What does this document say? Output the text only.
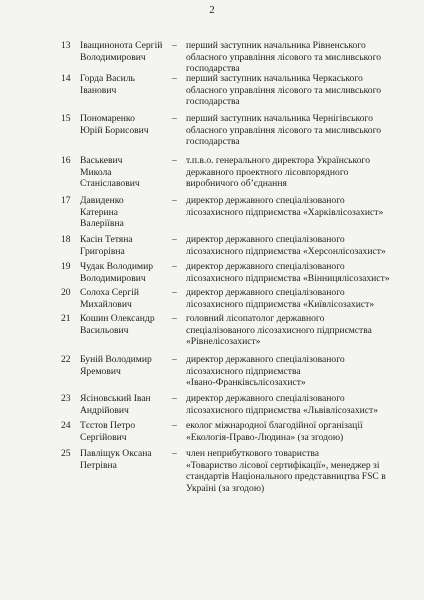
2
13 Іващинонота Сергій
Володимирович
– перший заступник начальника Рівненського
обласного управління лісового та мисливського
господарства
14 Горда Василь
Іванович
– перший заступник начальника Черкаського
обласного управління лісового та мисливського
господарства
15 Пономаренко
Юрій Борисович
– перший заступник начальника Чернігівського
обласного управління лісового та мисливського
господарства
16 Васькевич
Микола
Станіславович
– т.п.в.о. генерального директора Українського
державного проектного лісовпорядного
виробничого об’єднання
17 Давиденко
Катерина
Валеріївна
– директор державного спеціалізованого
лісозахисного підприємства «Харківлісозахист»
18 Касін Тетяна
Григорівна
– директор державного спеціалізованого
лісозахисного підприємства «Херсонлісозахист»
19 Чудак Володимир
Володимирович
– директор державного спеціалізованого
лісозахисного підприємства «Вінницялісозахист»
20 Солоха Сергій
Михайлович
– директор державного спеціалізованого
лісозахисного підприємства «Київлісозахист»
21 Кошин Олександр
Васильович
– головний лісопатолог державного
спеціалізованого лісозахисного підприємства
«Рівнелісозахист»
22 Буній Володимир
Яремович
– директор державного спеціалізованого
лісозахисного підприємства
«Івано-Франківсьлісозахист»
23 Ясіновський Іван
Андрійович
– директор державного спеціалізованого
лісозахисного підприємства «Львівлісозахист»
24 Тєстов Петро
Сергійович
– еколог міжнародної благодійної організації
«Екологія-Право-Людина» (за згодою)
25 Павліщук Оксана
Петрівна
– член неприбуткового товариства
«Товариство лісової сертифікації», менеджер зі
стандартів Національного представництва FSC в
Україні (за згодою)
